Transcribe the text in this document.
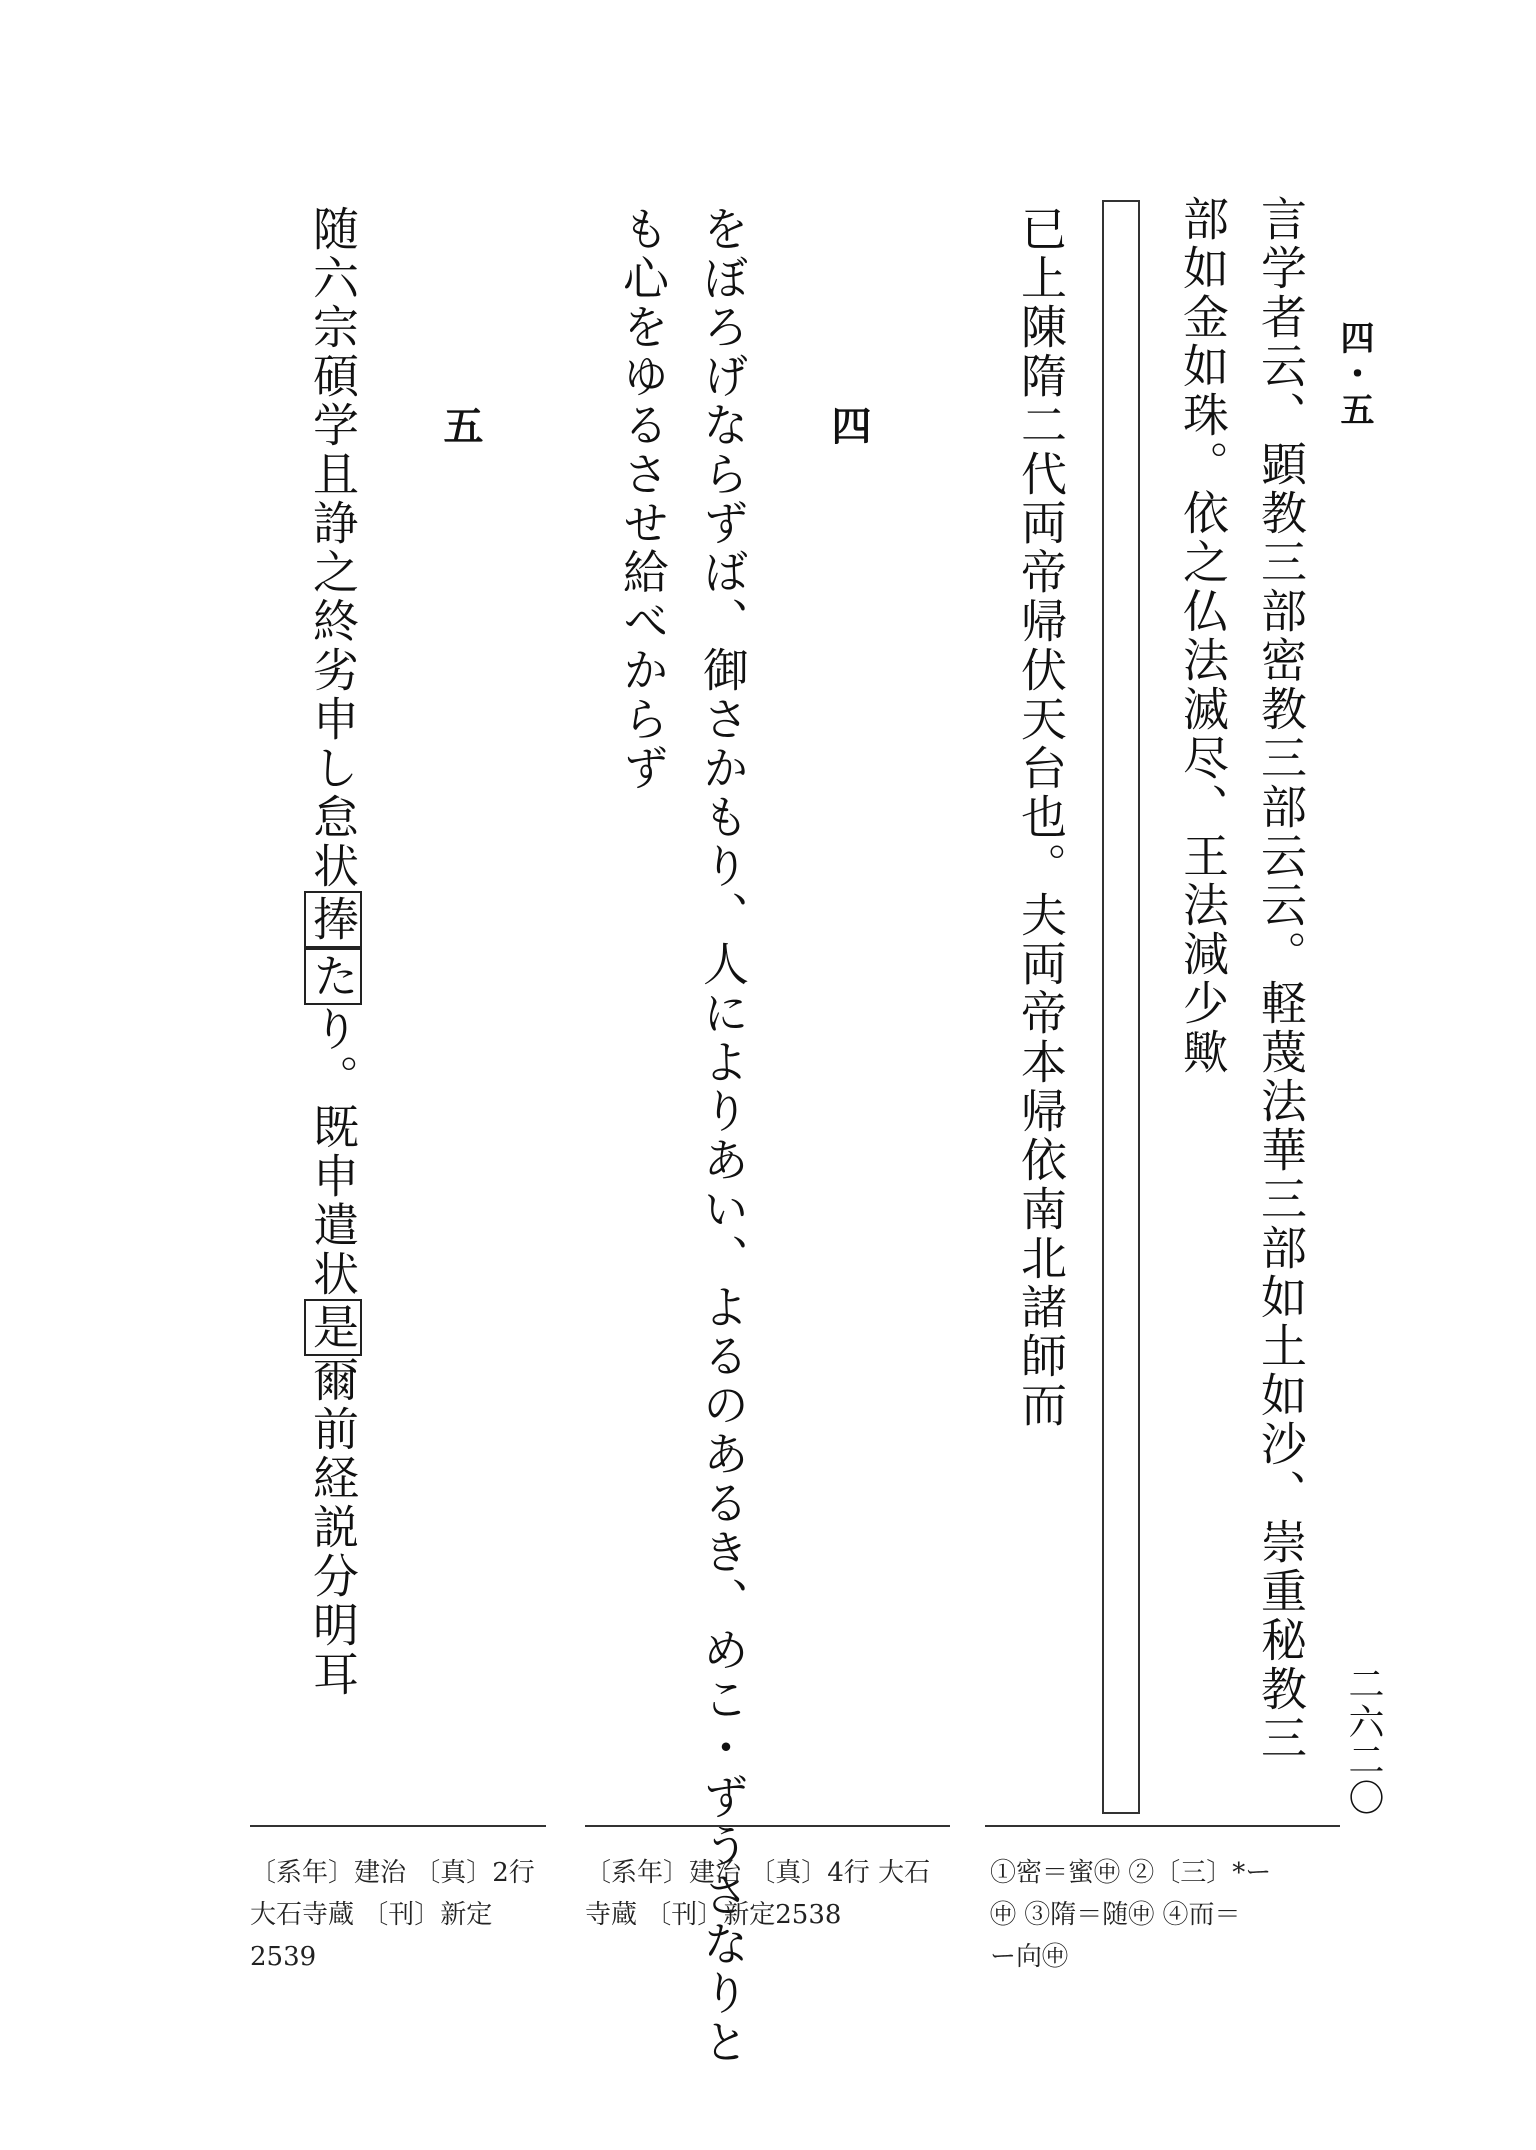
四・五
二六二〇
言学者云、顕教三部密教三部云云。軽蔑法華三部如土如沙、崇重秘教三
部如金如珠。依之仏法滅尽、王法減少歟
已上陳隋二代両帝帰伏天台也。夫両帝本帰依南北諸師而
四
をぼろげならずば、御さかもり、人によりあい、よるのあるき、めこ・ずうさなりと
も心をゆるさせ給べからず
五
随六宗碩学且諍之終劣申し怠状捧たり。既申遣状是爾前経説分明耳
①密＝蜜㊥ ②〔三〕*ー
㊥ ③隋＝随㊥ ④而＝
ー向㊥
〔系年〕建治 〔真〕4行 大石
寺蔵 〔刊〕新定2538
〔系年〕建治 〔真〕2行
大石寺蔵 〔刊〕新定2539
